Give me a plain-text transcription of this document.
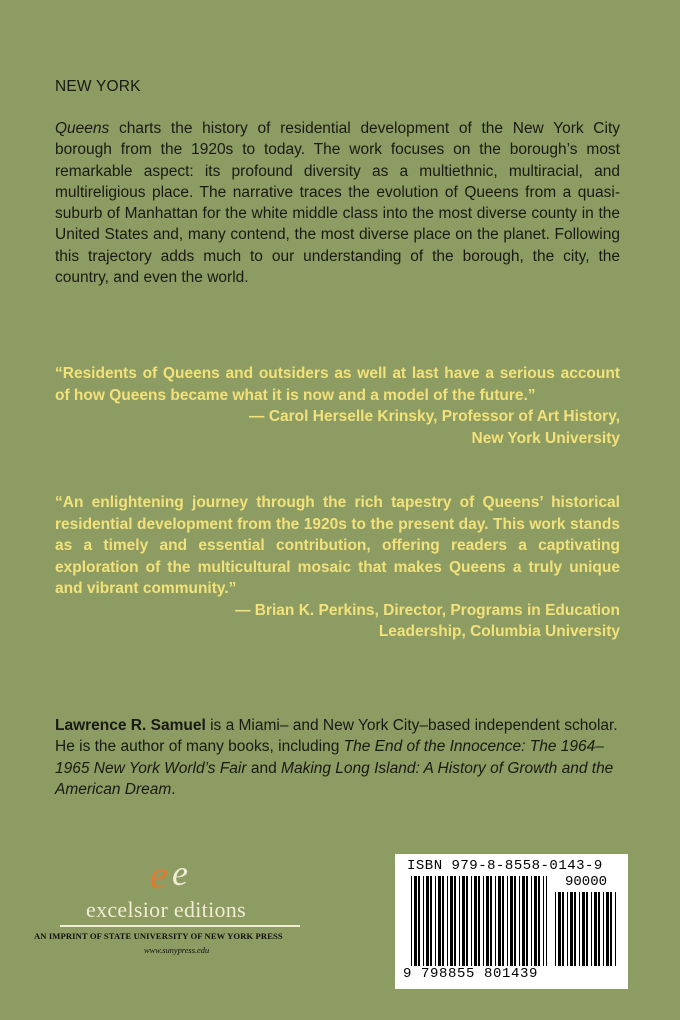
NEW YORK
Queens charts the history of residential development of the New York City borough from the 1920s to today. The work focuses on the borough’s most remarkable aspect: its profound diversity as a multiethnic, multiracial, and multireligious place. The narrative traces the evolution of Queens from a quasi-suburb of Manhattan for the white middle class into the most diverse county in the United States and, many contend, the most diverse place on the planet. Following this trajectory adds much to our understanding of the borough, the city, the country, and even the world.
“Residents of Queens and outsiders as well at last have a serious account of how Queens became what it is now and a model of the future.”
— Carol Herselle Krinsky, Professor of Art History,
New York University
“An enlightening journey through the rich tapestry of Queens’ historical residential development from the 1920s to the present day. This work stands as a timely and essential contribution, offering readers a captivating exploration of the multicultural mosaic that makes Queens a truly unique and vibrant community.”
— Brian K. Perkins, Director, Programs in Education
Leadership, Columbia University
Lawrence R. Samuel is a Miami– and New York City–based independent scholar. He is the author of many books, including The End of the Innocence: The 1964–1965 New York World’s Fair and Making Long Island: A History of Growth and the American Dream.
e e
excelsior editions
AN IMPRINT OF STATE UNIVERSITY OF NEW YORK PRESS
www.sunypress.edu
ISBN 979-8-8558-0143-9
90000
9 798855 801439
